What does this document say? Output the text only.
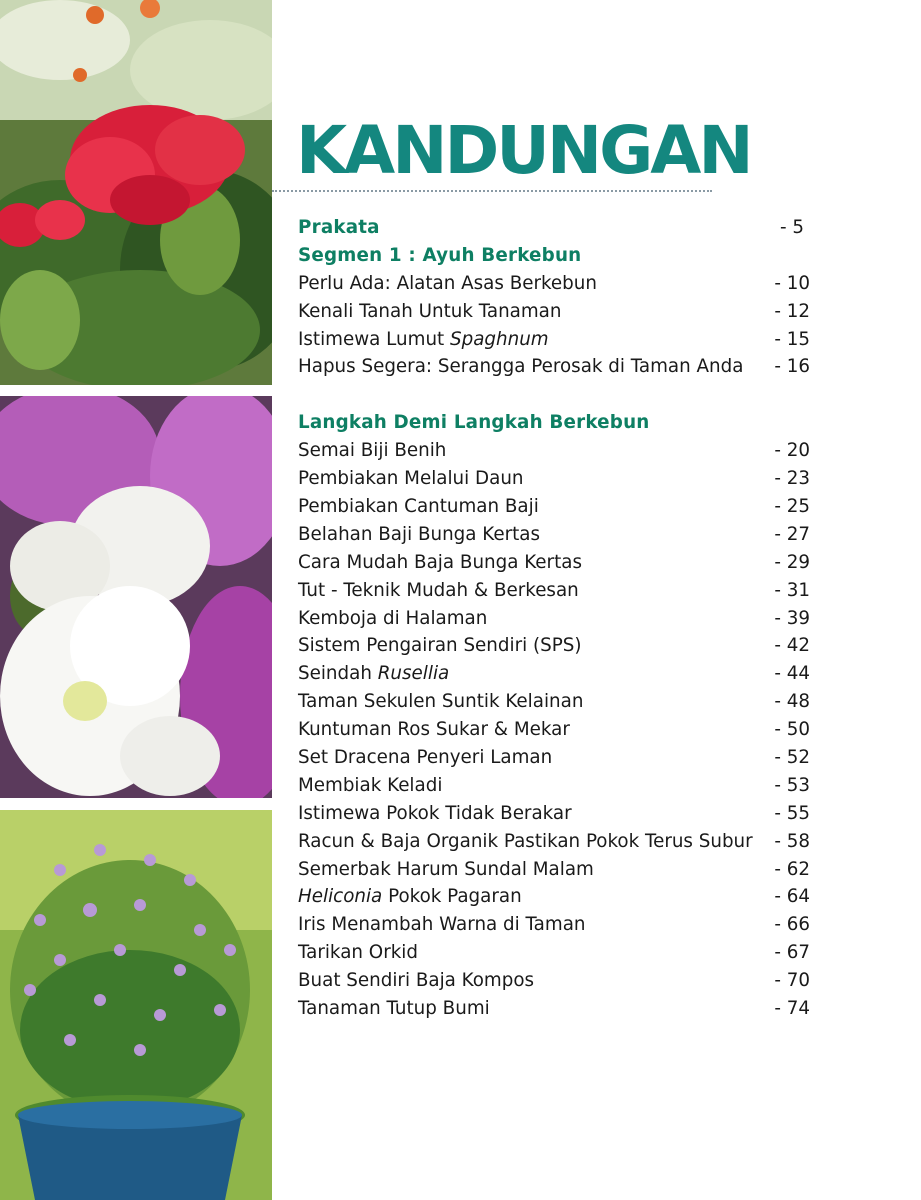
KANDUNGAN
Prakata	- 5
Segmen 1 : Ayuh Berkebun
Perlu Ada: Alatan Asas Berkebun	- 10
Kenali Tanah Untuk Tanaman	- 12
Istimewa Lumut Spaghnum	- 15
Hapus Segera: Serangga Perosak di Taman Anda - 16
Langkah Demi Langkah Berkebun
Semai Biji Benih	- 20
Pembiakan Melalui Daun	- 23
Pembiakan Cantuman Baji	- 25
Belahan Baji Bunga Kertas	- 27
Cara Mudah Baja Bunga Kertas	- 29
Tut - Teknik Mudah & Berkesan	- 31
Kemboja di Halaman	- 39
Sistem Pengairan Sendiri (SPS)	- 42
Seindah Rusellia	- 44
Taman Sekulen Suntik Kelainan	- 48
Kuntuman Ros Sukar & Mekar	- 50
Set Dracena Penyeri Laman	- 52
Membiak Keladi	- 53
Istimewa Pokok Tidak Berakar	- 55
Racun & Baja Organik Pastikan Pokok Terus Subur - 58
Semerbak Harum Sundal Malam	- 62
Heliconia Pokok Pagaran	- 64
Iris Menambah Warna di Taman	- 66
Tarikan Orkid	- 67
Buat Sendiri Baja Kompos	- 70
Tanaman Tutup Bumi	- 74
